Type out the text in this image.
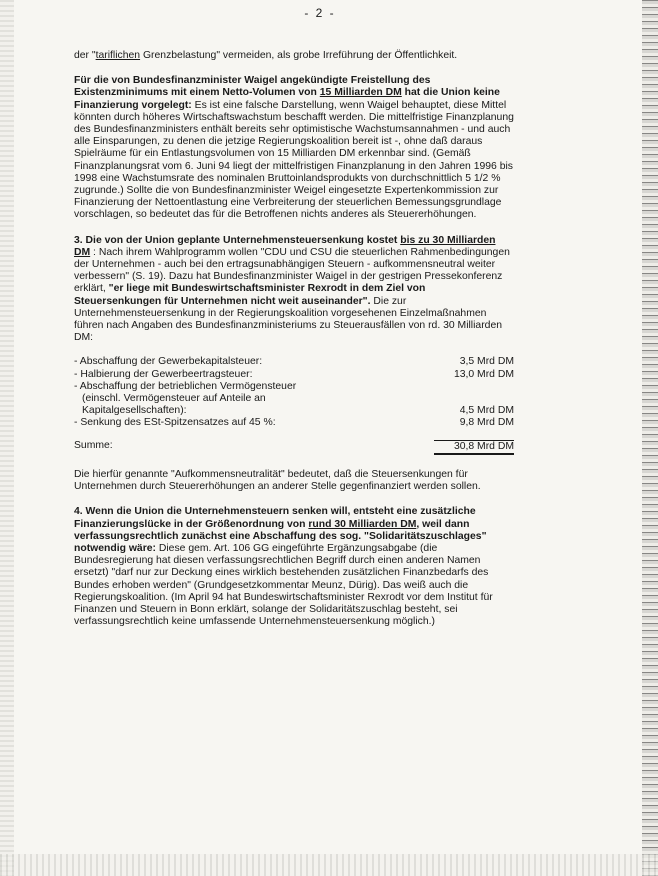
- 2 -

der "tariflichen Grenzbelastung" vermeiden, als grobe Irreführung der Öffentlichkeit.

Für die von Bundesfinanzminister Waigel angekündigte Freistellung des Existenzminimums mit einem Netto-Volumen von 15 Milliarden DM hat die Union keine Finanzierung vorgelegt: Es ist eine falsche Darstellung, wenn Waigel behauptet, diese Mittel könnten durch höheres Wirtschaftswachstum beschafft werden. Die mittelfristige Finanzplanung des Bundesfinanzministers enthält bereits sehr optimistische Wachstumsannahmen - und auch alle Einsparungen, zu denen die jetzige Regierungskoalition bereit ist -, ohne daß daraus Spielräume für ein Entlastungsvolumen von 15 Milliarden DM erkennbar sind. (Gemäß Finanzplanungsrat vom 6. Juni 94 liegt der mittelfristigen Finanzplanung in den Jahren 1996 bis 1998 eine Wachstumsrate des nominalen Bruttoinlandsprodukts von durchschnittlich 5 1/2 % zugrunde.) Sollte die von Bundesfinanzminister Weigel eingesetzte Expertenkommission zur Finanzierung der Nettoentlastung eine Verbreiterung der steuerlichen Bemessungsgrundlage vorschlagen, so bedeutet das für die Betroffenen nichts anderes als Steuererhöhungen.

3. Die von der Union geplante Unternehmensteuersenkung kostet bis zu 30 Milliarden DM : Nach ihrem Wahlprogramm wollen "CDU und CSU die steuerlichen Rahmenbedingungen der Unternehmen - auch bei den ertragsunabhängigen Steuern - aufkommensneutral weiter verbessern" (S. 19). Dazu hat Bundesfinanzminister Waigel in der gestrigen Pressekonferenz erklärt, "er liege mit Bundeswirtschaftsminister Rexrodt in dem Ziel von Steuersenkungen für Unternehmen nicht weit auseinander". Die zur Unternehmensteuersenkung in der Regierungskoalition vorgesehenen Einzelmaßnahmen führen nach Angaben des Bundesfinanzministeriums zu Steuerausfällen von rd. 30 Milliarden DM:

- Abschaffung der Gewerbekapitalsteuer:	3,5 Mrd DM
- Halbierung der Gewerbeertragsteuer:	13,0 Mrd DM
- Abschaffung der betrieblichen Vermögensteuer
(einschl. Vermögensteuer auf Anteile an
Kapitalgesellschaften):	4,5 Mrd DM
- Senkung des ESt-Spitzensatzes auf 45 %:	9,8 Mrd DM
Summe:	30,8 Mrd DM

Die hierfür genannte "Aufkommensneutralität" bedeutet, daß die Steuersenkungen für Unternehmen durch Steuererhöhungen an anderer Stelle gegenfinanziert werden sollen.

4. Wenn die Union die Unternehmensteuern senken will, entsteht eine zusätzliche Finanzierungslücke in der Größenordnung von rund 30 Milliarden DM, weil dann verfassungsrechtlich zunächst eine Abschaffung des sog. "Solidaritätszuschlages" notwendig wäre: Diese gem. Art. 106 GG eingeführte Ergänzungsabgabe (die Bundesregierung hat diesen verfassungsrechtlichen Begriff durch einen anderen Namen ersetzt) "darf nur zur Deckung eines wirklich bestehenden zusätzlichen Finanzbedarfs des Bundes erhoben werden" (Grundgesetzkommentar Meunz, Dürig). Das weiß auch die Regierungskoalition. (Im April 94 hat Bundeswirtschaftsminister Rexrodt vor dem Institut für Finanzen und Steuern in Bonn erklärt, solange der Solidaritätszuschlag besteht, sei verfassungsrechtlich keine umfassende Unternehmensteuersenkung möglich.)
